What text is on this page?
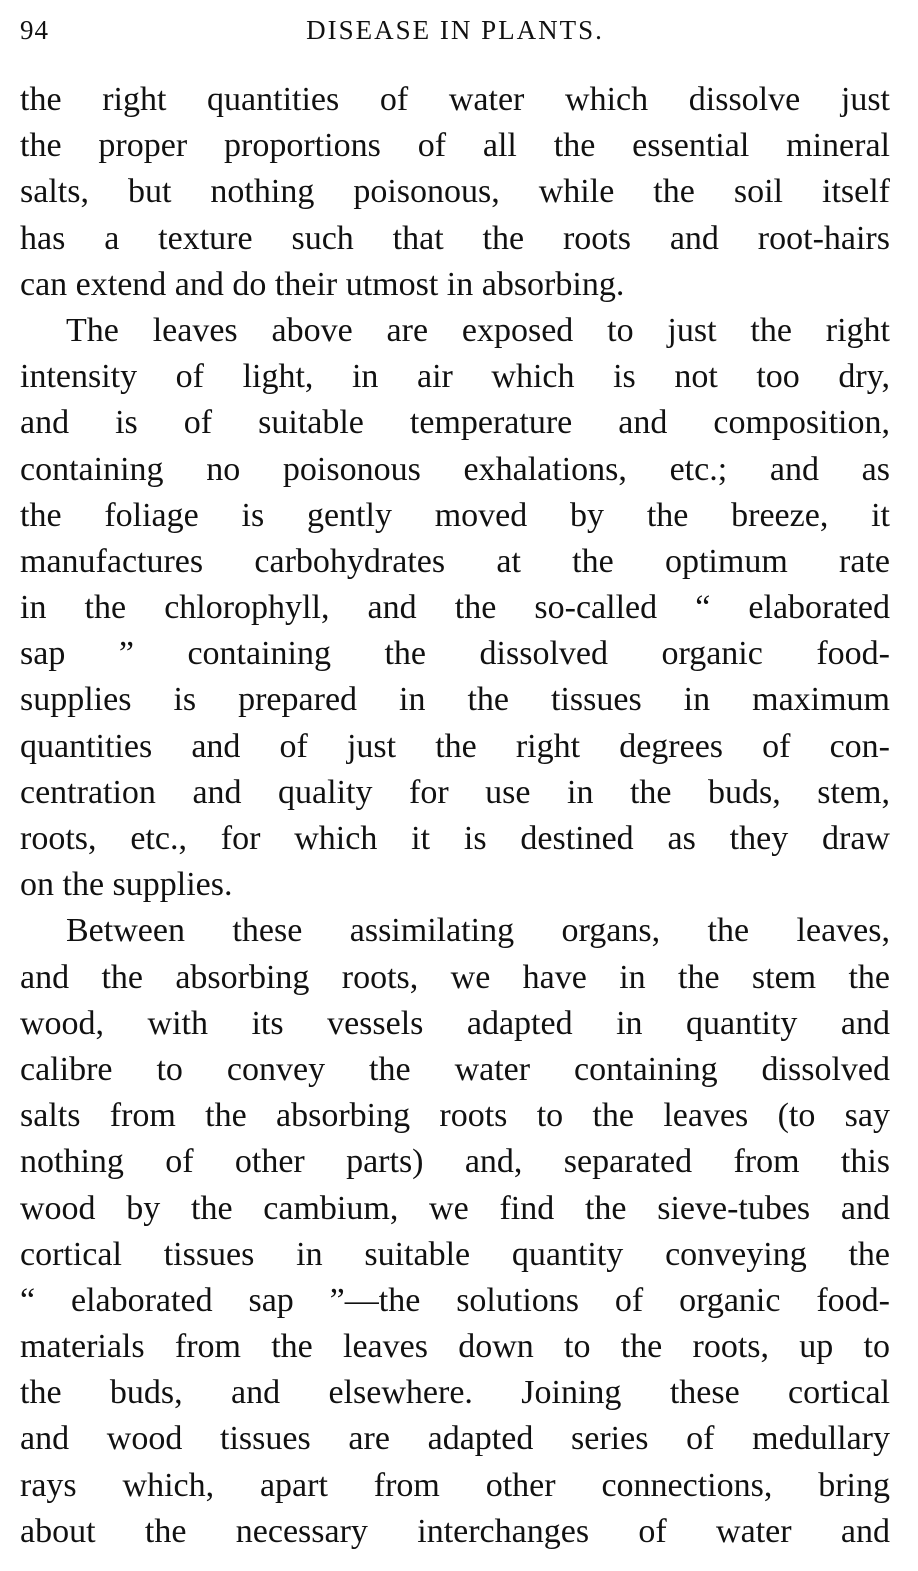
94	DISEASE IN PLANTS.
the right quantities of water which dissolve just
the proper proportions of all the essential mineral
salts, but nothing poisonous, while the soil itself
has a texture such that the roots and root-hairs
can extend and do their utmost in absorbing.
The leaves above are exposed to just the right
intensity of light, in air which is not too dry,
and is of suitable temperature and composition,
containing no poisonous exhalations, etc.; and as
the foliage is gently moved by the breeze, it
manufactures carbohydrates at the optimum rate
in the chlorophyll, and the so-called “ elaborated
sap ” containing the dissolved organic food-
supplies is prepared in the tissues in maximum
quantities and of just the right degrees of con-
centration and quality for use in the buds, stem,
roots, etc., for which it is destined as they draw
on the supplies.
Between these assimilating organs, the leaves,
and the absorbing roots, we have in the stem the
wood, with its vessels adapted in quantity and
calibre to convey the water containing dissolved
salts from the absorbing roots to the leaves (to say
nothing of other parts) and, separated from this
wood by the cambium, we find the sieve-tubes and
cortical tissues in suitable quantity conveying the
“ elaborated sap ”—the solutions of organic food-
materials from the leaves down to the roots, up to
the buds, and elsewhere. Joining these cortical
and wood tissues are adapted series of medullary
rays which, apart from other connections, bring
about the necessary interchanges of water and
